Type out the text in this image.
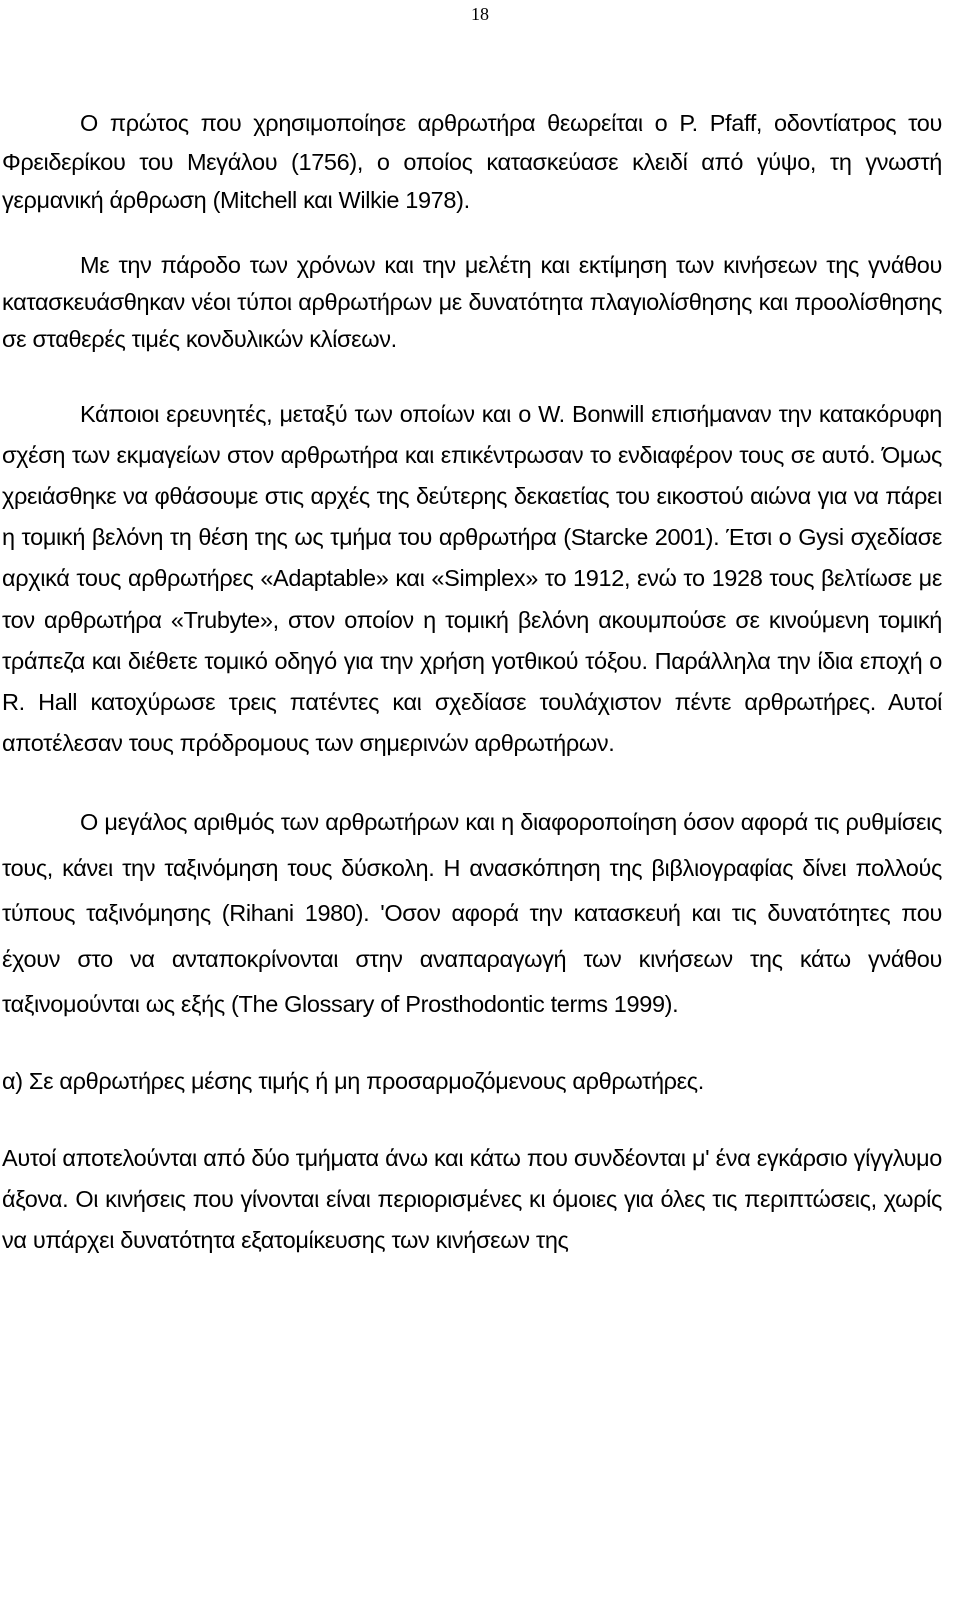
18

Ο πρώτος που χρησιμοποίησε αρθρωτήρα θεωρείται ο P. Pfaff, οδοντίατρος του Φρειδερίκου του Μεγάλου (1756), ο οποίος κατασκεύασε κλειδί από γύψο, τη γνωστή γερμανική άρθρωση (Mitchell και Wilkie 1978).

Με την πάροδο των χρόνων και την μελέτη και εκτίμηση των κινήσεων της γνάθου κατασκευάσθηκαν νέοι τύποι αρθρωτήρων με δυνατότητα πλαγιολίσθησης και προολίσθησης σε σταθερές τιμές κονδυλικών κλίσεων.

Κάποιοι ερευνητές, μεταξύ των οποίων και ο W. Bonwill επισήμαναν την κατακόρυφη σχέση των εκμαγείων στον αρθρωτήρα και επικέντρωσαν το ενδιαφέρον τους σε αυτό. Όμως χρειάσθηκε να φθάσουμε στις αρχές της δεύτερης δεκαετίας του εικοστού αιώνα για να πάρει η τομική βελόνη τη θέση της ως τμήμα του αρθρωτήρα (Starcke 2001). Έτσι ο Gysi σχεδίασε αρχικά τους αρθρωτήρες «Adaptable» και «Simplex» το 1912, ενώ το 1928 τους βελτίωσε με τον αρθρωτήρα «Trubyte», στον οποίον η τομική βελόνη ακουμπούσε σε κινούμενη τομική τράπεζα και διέθετε τομικό οδηγό για την χρήση γοτθικού τόξου. Παράλληλα την ίδια εποχή ο R. Hall κατοχύρωσε τρεις πατέντες και σχεδίασε τουλάχιστον πέντε αρθρωτήρες. Αυτοί αποτέλεσαν τους πρόδρομους των σημερινών αρθρωτήρων.

Ο μεγάλος αριθμός των αρθρωτήρων και η διαφοροποίηση όσον αφορά τις ρυθμίσεις τους, κάνει την ταξινόμηση τους δύσκολη. Η ανασκόπηση της βιβλιογραφίας δίνει πολλούς τύπους ταξινόμησης (Rihani 1980). 'Οσον αφορά την κατασκευή και τις δυνατότητες που έχουν στο να ανταποκρίνονται στην αναπαραγωγή των κινήσεων της κάτω γνάθου ταξινομούνται ως εξής (The Glossary of Prosthodontic terms 1999).

α) Σε αρθρωτήρες μέσης τιμής ή μη προσαρμοζόμενους αρθρωτήρες.

Αυτοί αποτελούνται από δύο τμήματα άνω και κάτω που συνδέονται μ' ένα εγκάρσιο γίγγλυμο άξονα. Οι κινήσεις που γίνονται είναι περιορισμένες κι όμοιες για όλες τις περιπτώσεις, χωρίς να υπάρχει δυνατότητα εξατομίκευσης των κινήσεων της
